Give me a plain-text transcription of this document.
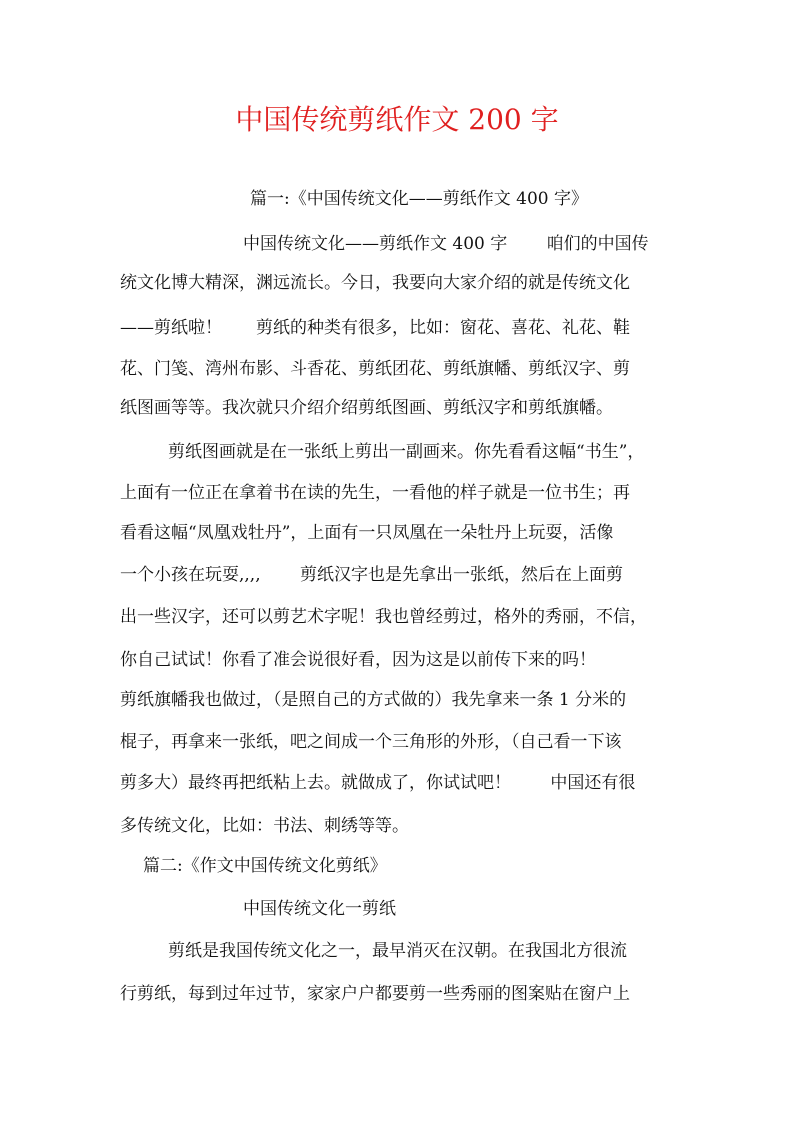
中国传统剪纸作文 200 字

篇一:《中国传统文化——剪纸作文 400 字》

中国传统文化——剪纸作文 400 字　　 咱们的中国传

统文化博大精深，渊远流长。今日，我要向大家介绍的就是传统文化

——剪纸啦！　　剪纸的种类有很多，比如：窗花、喜花、礼花、鞋

花、门笺、湾州布影、斗香花、剪纸团花、剪纸旗幡、剪纸汉字、剪

纸图画等等。我次就只介绍介绍剪纸图画、剪纸汉字和剪纸旗幡。

剪纸图画就是在一张纸上剪出一副画来。你先看看这幅“书生”，

上面有一位正在拿着书在读的先生，一看他的样子就是一位书生；再

看看这幅“凤凰戏牡丹”，上面有一只凤凰在一朵牡丹上玩耍，活像

一个小孩在玩耍,,,,　　 剪纸汉字也是先拿出一张纸，然后在上面剪

出一些汉字，还可以剪艺术字呢！我也曾经剪过，格外的秀丽，不信，

你自己试试！你看了准会说很好看，因为这是以前传下来的吗！

剪纸旗幡我也做过，（是照自己的方式做的）我先拿来一条 1 分米的

棍子，再拿来一张纸，吧之间成一个三角形的外形，（自己看一下该

剪多大）最终再把纸粘上去。就做成了，你试试吧！　　 中国还有很

多传统文化，比如：书法、刺绣等等。

篇二:《作文中国传统文化剪纸》

中国传统文化一剪纸

剪纸是我国传统文化之一，最早消灭在汉朝。在我国北方很流

行剪纸，每到过年过节，家家户户都要剪一些秀丽的图案贴在窗户上
